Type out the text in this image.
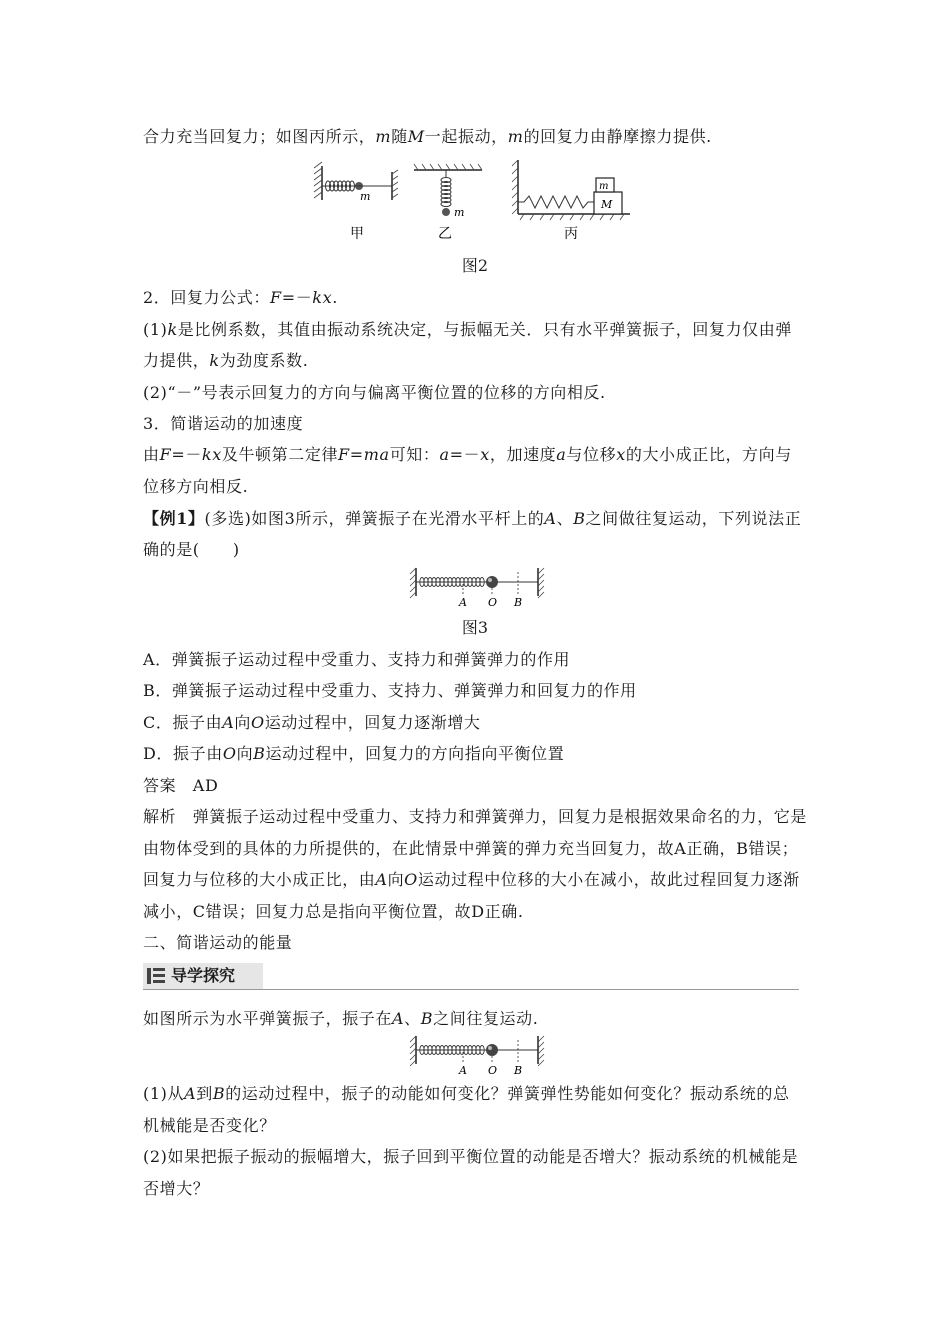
合力充当回复力；如图丙所示，m随M一起振动，m的回复力由静摩擦力提供.
m
甲
m
乙
m
M
丙
图2
2．回复力公式：F=－kx.
(1)k是比例系数，其值由振动系统决定，与振幅无关．只有水平弹簧振子，回复力仅由弹
力提供，k为劲度系数.
(2)“－”号表示回复力的方向与偏离平衡位置的位移的方向相反.
3．简谐运动的加速度
由F=－kx及牛顿第二定律F=ma可知：a=－x，加速度a与位移x的大小成正比，方向与
位移方向相反.
【例1】(多选)如图3所示，弹簧振子在光滑水平杆上的A、B之间做往复运动，下列说法正
确的是(　　)
A O B
图3
A．弹簧振子运动过程中受重力、支持力和弹簧弹力的作用
B．弹簧振子运动过程中受重力、支持力、弹簧弹力和回复力的作用
C．振子由A向O运动过程中，回复力逐渐增大
D．振子由O向B运动过程中，回复力的方向指向平衡位置
答案　AD
解析　弹簧振子运动过程中受重力、支持力和弹簧弹力，回复力是根据效果命名的力，它是
由物体受到的具体的力所提供的，在此情景中弹簧的弹力充当回复力，故A正确，B错误；
回复力与位移的大小成正比，由A向O运动过程中位移的大小在减小，故此过程回复力逐渐
减小，C错误；回复力总是指向平衡位置，故D正确.
二、简谐运动的能量
导学探究
如图所示为水平弹簧振子，振子在A、B之间往复运动.
A O B
(1)从A到B的运动过程中，振子的动能如何变化？弹簧弹性势能如何变化？振动系统的总
机械能是否变化？
(2)如果把振子振动的振幅增大，振子回到平衡位置的动能是否增大？振动系统的机械能是
否增大？
